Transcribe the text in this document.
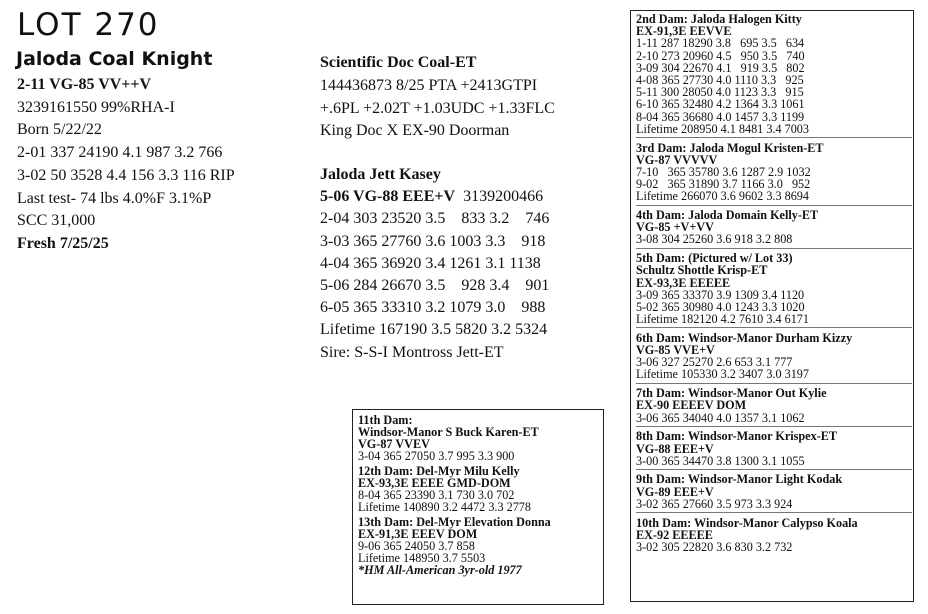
LOT 270
Jaloda Coal Knight
2-11 VG-85 VV++V
3239161550 99%RHA-I
Born 5/22/22
2-01 337 24190 4.1 987 3.2 766
3-02 50 3528 4.4 156 3.3 116 RIP
Last test- 74 lbs 4.0%F 3.1%P
SCC 31,000
Fresh 7/25/25
Scientific Doc Coal-ET
144436873 8/25 PTA +2413GTPI
+.6PL +2.02T +1.03UDC +1.33FLC
King Doc X EX-90 Doorman
Jaloda Jett Kasey
5-06 VG-88 EEE+V 3139200466
2-04 303 23520 3.5    833 3.2    746
3-03 365 27760 3.6 1003 3.3    918
4-04 365 36920 3.4 1261 3.1 1138
5-06 284 26670 3.5    928 3.4    901
6-05 365 33310 3.2 1079 3.0    988
Lifetime 167190 3.5 5820 3.2 5324
Sire: S-S-I Montross Jett-ET
2nd Dam: Jaloda Halogen Kitty
EX-91,3E EEVVE
1-11 287 18290 3.8   695 3.5   634
2-10 273 20960 4.5   950 3.5   740
3-09 304 22670 4.1   919 3.5   802
4-08 365 27730 4.0 1110 3.3   925
5-11 300 28050 4.0 1123 3.3   915
6-10 365 32480 4.2 1364 3.3 1061
8-04 365 36680 4.0 1457 3.3 1199
Lifetime 208950 4.1 8481 3.4 7003
3rd Dam: Jaloda Mogul Kristen-ET
VG-87 VVVVV
7-10   365 35780 3.6 1287 2.9 1032
9-02   365 31890 3.7 1166 3.0   952
Lifetime 266070 3.6 9602 3.3 8694
4th Dam: Jaloda Domain Kelly-ET
VG-85 +V+VV
3-08 304 25260 3.6 918 3.2 808
5th Dam: (Pictured w/ Lot 33)
Schultz Shottle Krisp-ET
EX-93,3E EEEEE
3-09 365 33370 3.9 1309 3.4 1120
5-02 365 30980 4.0 1243 3.3 1020
Lifetime 182120 4.2 7610 3.4 6171
6th Dam: Windsor-Manor Durham Kizzy
VG-85 VVE+V
3-06 327 25270 2.6 653 3.1 777
Lifetime 105330 3.2 3407 3.0 3197
7th Dam: Windsor-Manor Out Kylie
EX-90 EEEEV DOM
3-06 365 34040 4.0 1357 3.1 1062
8th Dam: Windsor-Manor Krispex-ET
VG-88 EEE+V
3-00 365 34470 3.8 1300 3.1 1055
9th Dam: Windsor-Manor Light Kodak
VG-89 EEE+V
3-02 365 27660 3.5 973 3.3 924
10th Dam: Windsor-Manor Calypso Koala
EX-92 EEEEE
3-02 305 22820 3.6 830 3.2 732
11th Dam:
Windsor-Manor S Buck Karen-ET
VG-87 VVEV
3-04 365 27050 3.7 995 3.3 900
12th Dam: Del-Myr Milu Kelly
EX-93,3E EEEE GMD-DOM
8-04 365 23390 3.1 730 3.0 702
Lifetime 140890 3.2 4472 3.3 2778
13th Dam: Del-Myr Elevation Donna
EX-91,3E EEEV DOM
9-06 365 24050 3.7 858
Lifetime 148950 3.7 5503
*HM All-American 3yr-old 1977
